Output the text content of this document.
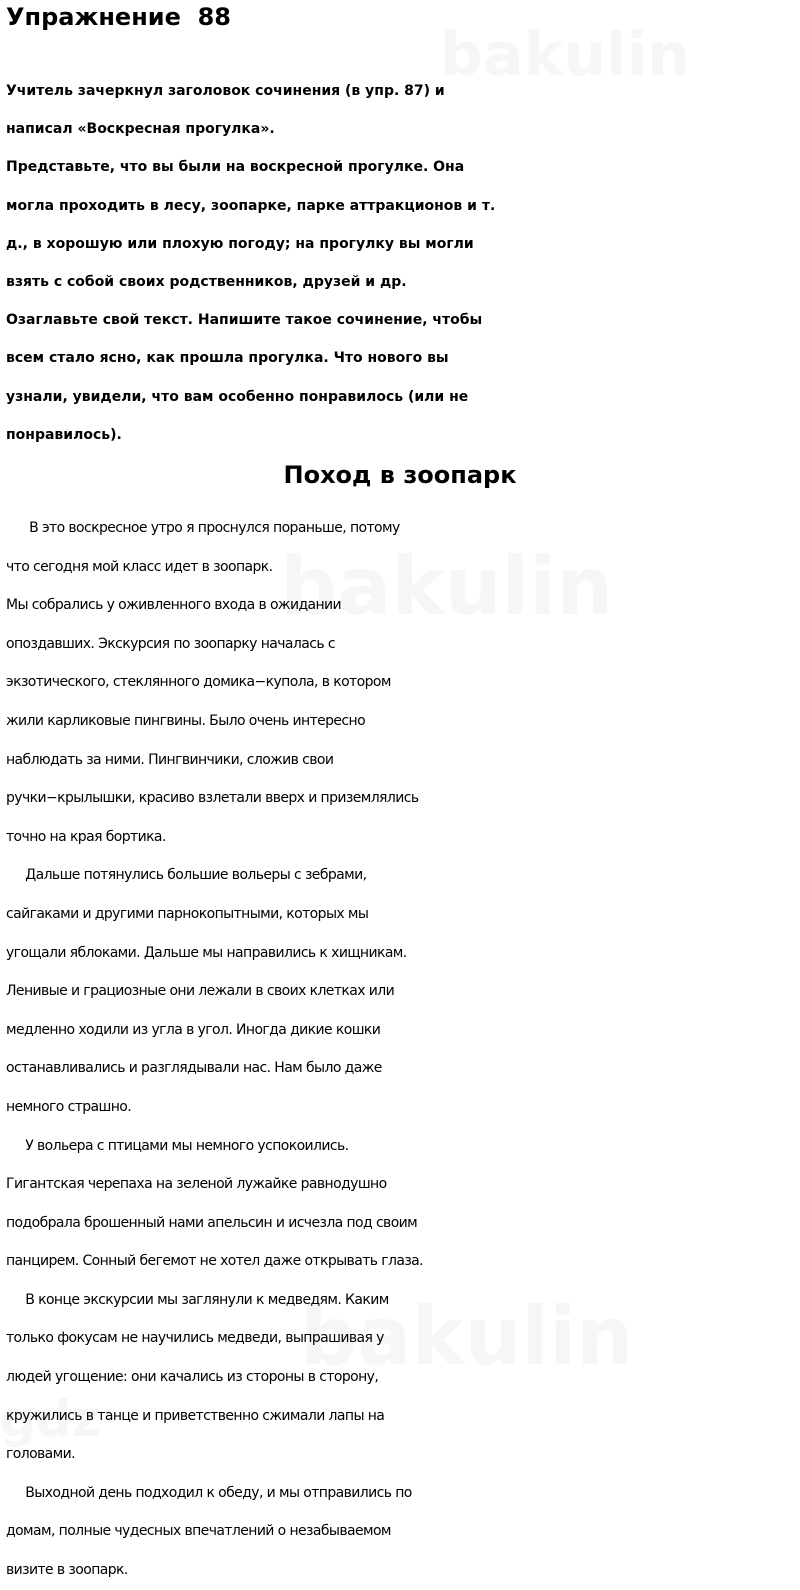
Упражнение  88
Учитель зачеркнул заголовок сочинения (в упр. 87) и
написал «Воскресная прогулка».
Представьте, что вы были на воскресной прогулке. Она
могла проходить в лесу, зоопарке, парке аттракционов и т.
д., в хорошую или плохую погоду; на прогулку вы могли
взять с собой своих родственников, друзей и др.
Озаглавьте свой текст. Напишите такое сочинение, чтобы
всем стало ясно, как прошла прогулка. Что нового вы
узнали, увидели, что вам особенно понравилось (или не
понравилось).
Поход в зоопарк
В это воскресное утро я проснулся пораньше, потому
что сегодня мой класс идет в зоопарк.
Мы собрались у оживленного входа в ожидании
опоздавших. Экскурсия по зоопарку началась с
экзотического, стеклянного домика−купола, в котором
жили карликовые пингвины. Было очень интересно
наблюдать за ними. Пингвинчики, сложив свои
ручки−крылышки, красиво взлетали вверх и приземлялись
точно на края бортика.
Дальше потянулись большие вольеры с зебрами,
сайгаками и другими парнокопытными, которых мы
угощали яблоками. Дальше мы направились к хищникам.
Ленивые и грациозные они лежали в своих клетках или
медленно ходили из угла в угол. Иногда дикие кошки
останавливались и разглядывали нас. Нам было даже
немного страшно.
У вольера с птицами мы немного успокоились.
Гигантская черепаха на зеленой лужайке равнодушно
подобрала брошенный нами апельсин и исчезла под своим
панцирем. Сонный бегемот не хотел даже открывать глаза.
В конце экскурсии мы заглянули к медведям. Каким
только фокусам не научились медведи, выпрашивая у
людей угощение: они качались из стороны в сторону,
кружились в танце и приветственно сжимали лапы на
головами.
Выходной день подходил к обеду, и мы отправились по
домам, полные чудесных впечатлений о незабываемом
визите в зоопарк.
